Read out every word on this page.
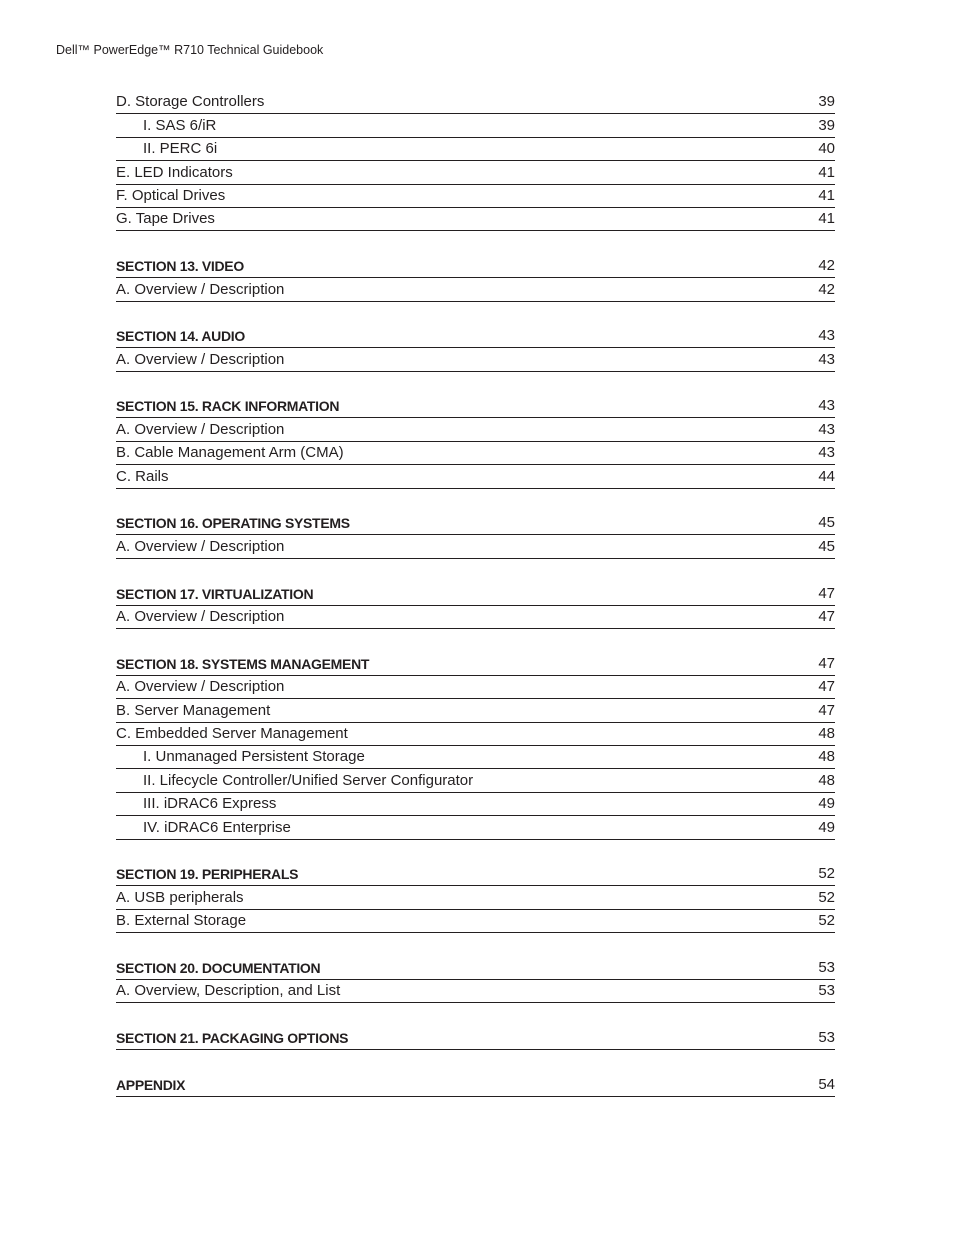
Dell™ PowerEdge™ R710 Technical Guidebook
D. Storage Controllers	39
I. SAS 6/iR	39
II. PERC 6i	40
E. LED Indicators	41
F. Optical Drives	41
G. Tape Drives	41
SECTION 13. VIDEO	42
A. Overview / Description	42
SECTION 14. AUDIO	43
A. Overview / Description	43
SECTION 15. RACK INFORMATION	43
A. Overview / Description	43
B. Cable Management Arm (CMA)	43
C. Rails	44
SECTION 16. OPERATING SYSTEMS	45
A. Overview / Description	45
SECTION 17. VIRTUALIZATION	47
A. Overview / Description	47
SECTION 18. SYSTEMS MANAGEMENT	47
A. Overview / Description	47
B. Server Management	47
C. Embedded Server Management	48
I. Unmanaged Persistent Storage	48
II. Lifecycle Controller/Unified Server Configurator	48
III. iDRAC6 Express	49
IV. iDRAC6 Enterprise	49
SECTION 19. PERIPHERALS	52
A. USB peripherals	52
B. External Storage	52
SECTION 20. DOCUMENTATION	53
A. Overview, Description, and List	53
SECTION 21. PACKAGING OPTIONS	53
APPENDIX	54
